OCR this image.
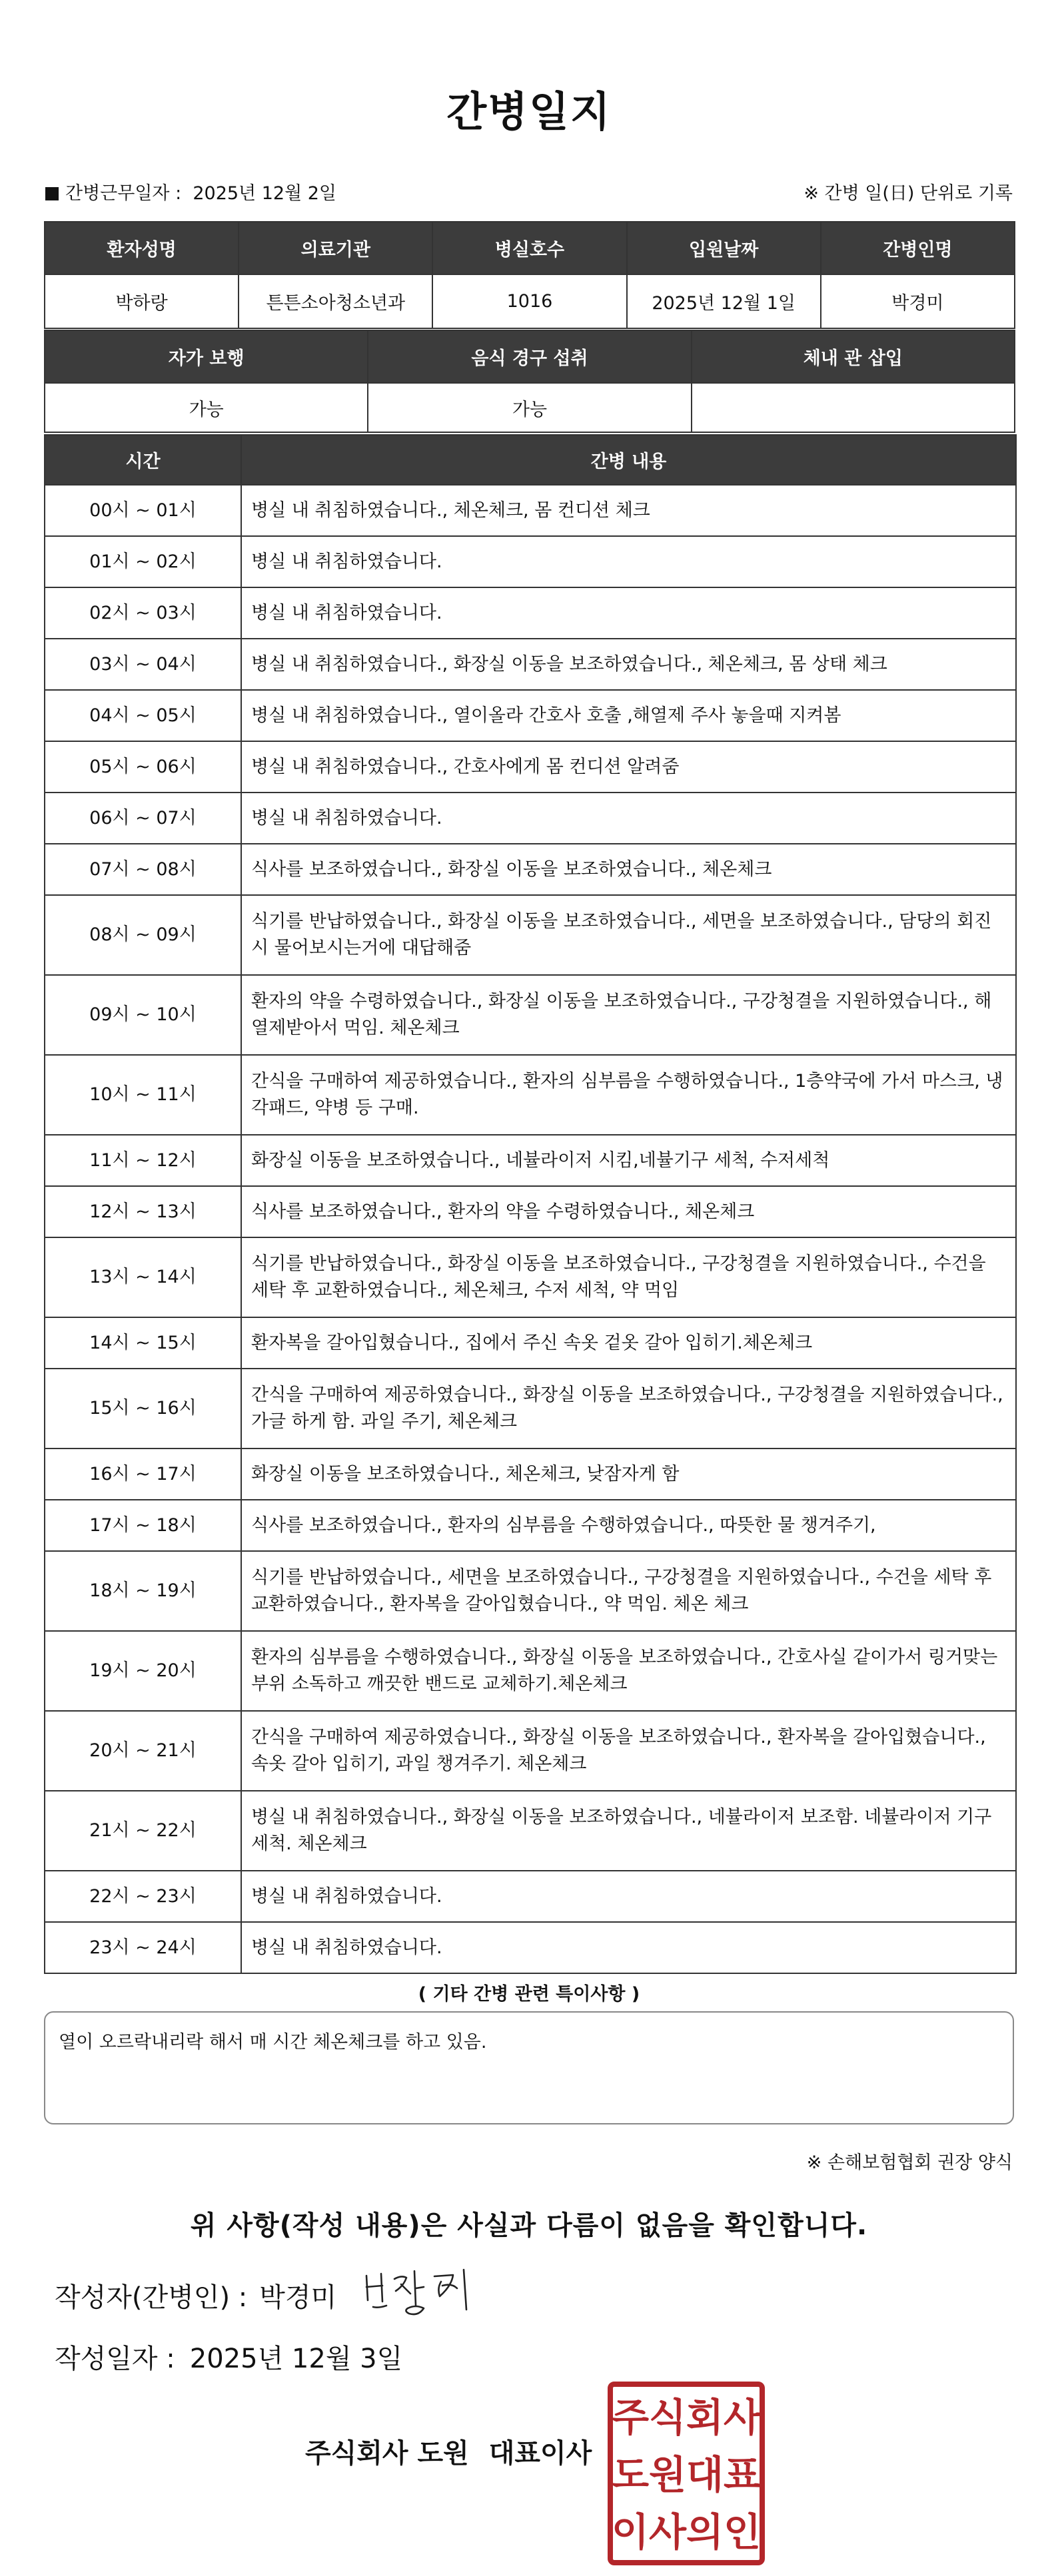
간병일지
간병근무일자 : 2025년 12월 2일	※ 간병 일(日) 단위로 기록
환자성명	의료기관	병실호수	입원날짜	간병인명
박하랑	튼튼소아청소년과	1016	2025년 12월 1일	박경미
자가 보행	음식 경구 섭취	체내 관 삽입
가능	가능	
시간	간병 내용
00시 ~ 01시	병실 내 취침하였습니다., 체온체크, 몸 컨디션 체크
01시 ~ 02시	병실 내 취침하였습니다.
02시 ~ 03시	병실 내 취침하였습니다.
03시 ~ 04시	병실 내 취침하였습니다., 화장실 이동을 보조하였습니다., 체온체크, 몸 상태 체크
04시 ~ 05시	병실 내 취침하였습니다., 열이올라 간호사 호출 ,해열제 주사 놓을때 지켜봄
05시 ~ 06시	병실 내 취침하였습니다., 간호사에게 몸 컨디션 알려줌
06시 ~ 07시	병실 내 취침하였습니다.
07시 ~ 08시	식사를 보조하였습니다., 화장실 이동을 보조하였습니다., 체온체크
08시 ~ 09시	식기를 반납하였습니다., 화장실 이동을 보조하였습니다., 세면을 보조하였습니다., 담당의 회진시 물어보시는거에 대답해줌
09시 ~ 10시	환자의 약을 수령하였습니다., 화장실 이동을 보조하였습니다., 구강청결을 지원하였습니다., 해열제받아서 먹임. 체온체크
10시 ~ 11시	간식을 구매하여 제공하였습니다., 환자의 심부름을 수행하였습니다., 1층약국에 가서 마스크, 냉각패드, 약병 등 구매.
11시 ~ 12시	화장실 이동을 보조하였습니다., 네뷸라이저 시킴,네뷸기구 세척, 수저세척
12시 ~ 13시	식사를 보조하였습니다., 환자의 약을 수령하였습니다., 체온체크
13시 ~ 14시	식기를 반납하였습니다., 화장실 이동을 보조하였습니다., 구강청결을 지원하였습니다., 수건을 세탁 후 교환하였습니다., 체온체크, 수저 세척, 약 먹임
14시 ~ 15시	환자복을 갈아입혔습니다., 집에서 주신 속옷 겉옷 갈아 입히기.체온체크
15시 ~ 16시	간식을 구매하여 제공하였습니다., 화장실 이동을 보조하였습니다., 구강청결을 지원하였습니다., 가글 하게 함. 과일 주기, 체온체크
16시 ~ 17시	화장실 이동을 보조하였습니다., 체온체크, 낮잠자게 함
17시 ~ 18시	식사를 보조하였습니다., 환자의 심부름을 수행하였습니다., 따뜻한 물 챙겨주기,
18시 ~ 19시	식기를 반납하였습니다., 세면을 보조하였습니다., 구강청결을 지원하였습니다., 수건을 세탁 후 교환하였습니다., 환자복을 갈아입혔습니다., 약 먹임. 체온 체크
19시 ~ 20시	환자의 심부름을 수행하였습니다., 화장실 이동을 보조하였습니다., 간호사실 같이가서 링거맞는 부위 소독하고 깨끗한 밴드로 교체하기.체온체크
20시 ~ 21시	간식을 구매하여 제공하였습니다., 화장실 이동을 보조하였습니다., 환자복을 갈아입혔습니다., 속옷 갈아 입히기, 과일 챙겨주기. 체온체크
21시 ~ 22시	병실 내 취침하였습니다., 화장실 이동을 보조하였습니다., 네뷸라이저 보조함. 네뷸라이저 기구 세척. 체온체크
22시 ~ 23시	병실 내 취침하였습니다.
23시 ~ 24시	병실 내 취침하였습니다.
( 기타 간병 관련 특이사항 )
열이 오르락내리락 해서 매 시간 체온체크를 하고 있음.
※ 손해보험협회 권장 양식
위 사항(작성 내용)은 사실과 다름이 없음을 확인합니다.
작성자(간병인) : 박경미
작성일자 : 2025년 12월 3일
주식회사 도원 대표이사
주 식 회 사
도 원 대 표
이 사 의 인
